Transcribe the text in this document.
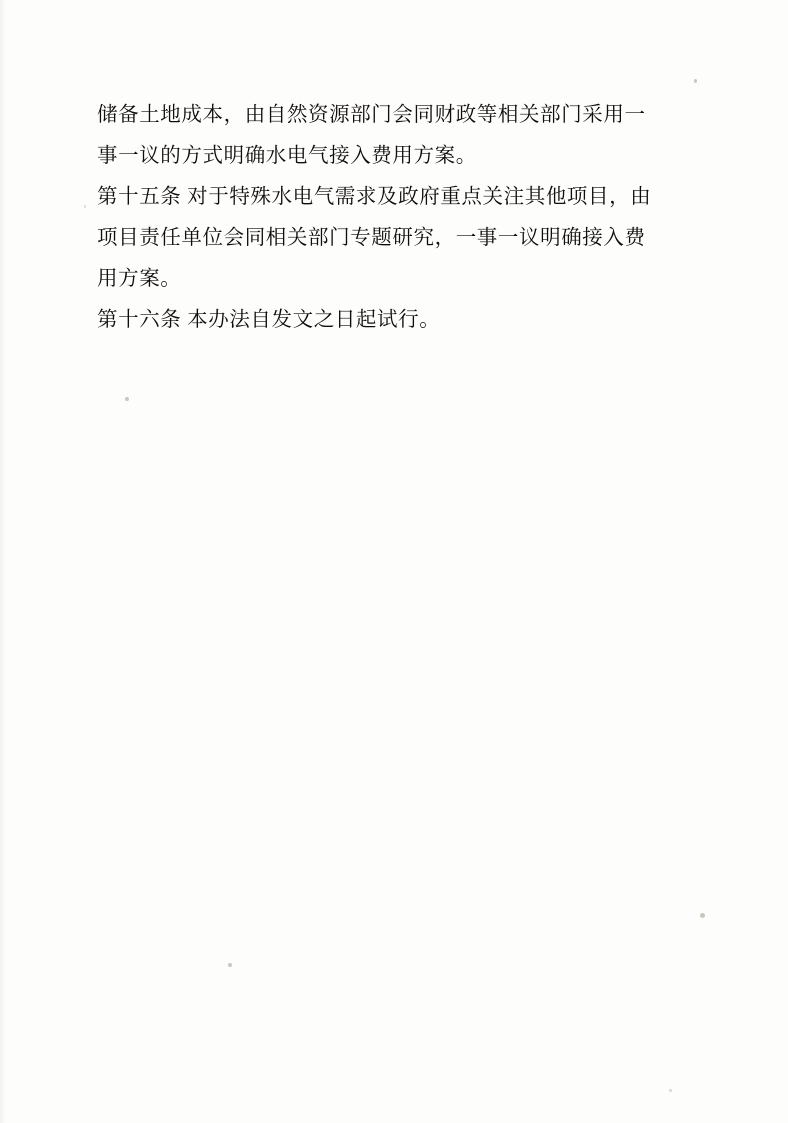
储备土地成本，由自然资源部门会同财政等相关部门采用一
事一议的方式明确水电气接入费用方案。

第十五条 对于特殊水电气需求及政府重点关注其他项目，由
项目责任单位会同相关部门专题研究，一事一议明确接入费
用方案。

第十六条 本办法自发文之日起试行。
